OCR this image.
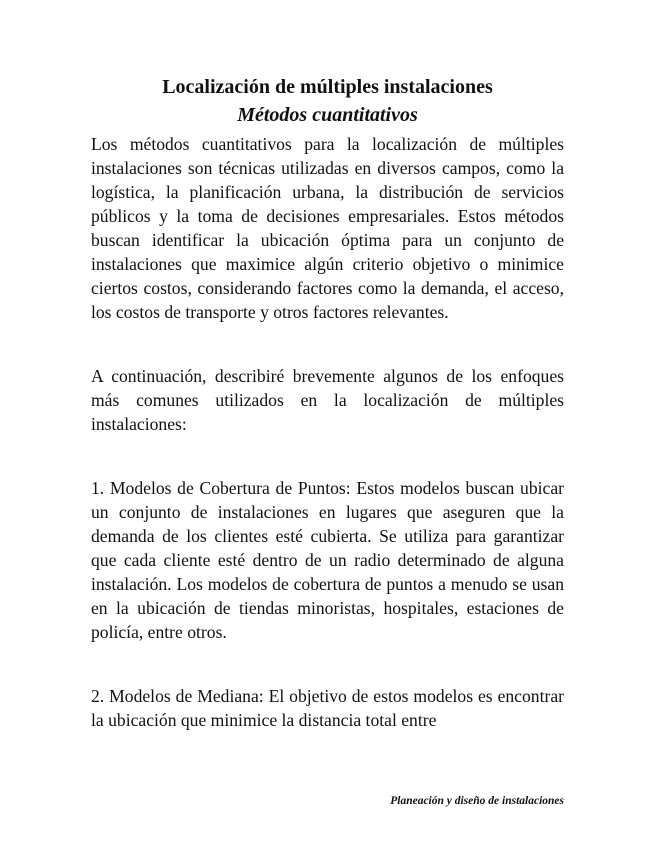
Localización de múltiples instalaciones
Métodos cuantitativos

Los métodos cuantitativos para la localización de múltiples instalaciones son técnicas utilizadas en diversos campos, como la logística, la planificación urbana, la distribución de servicios públicos y la toma de decisiones empresariales. Estos métodos buscan identificar la ubicación óptima para un conjunto de instalaciones que maximice algún criterio objetivo o minimice ciertos costos, considerando factores como la demanda, el acceso, los costos de transporte y otros factores relevantes.

A continuación, describiré brevemente algunos de los enfoques más comunes utilizados en la localización de múltiples instalaciones:

1. Modelos de Cobertura de Puntos: Estos modelos buscan ubicar un conjunto de instalaciones en lugares que aseguren que la demanda de los clientes esté cubierta. Se utiliza para garantizar que cada cliente esté dentro de un radio determinado de alguna instalación. Los modelos de cobertura de puntos a menudo se usan en la ubicación de tiendas minoristas, hospitales, estaciones de policía, entre otros.

2. Modelos de Mediana: El objetivo de estos modelos es encontrar la ubicación que minimice la distancia total entre

Planeación y diseño de instalaciones
